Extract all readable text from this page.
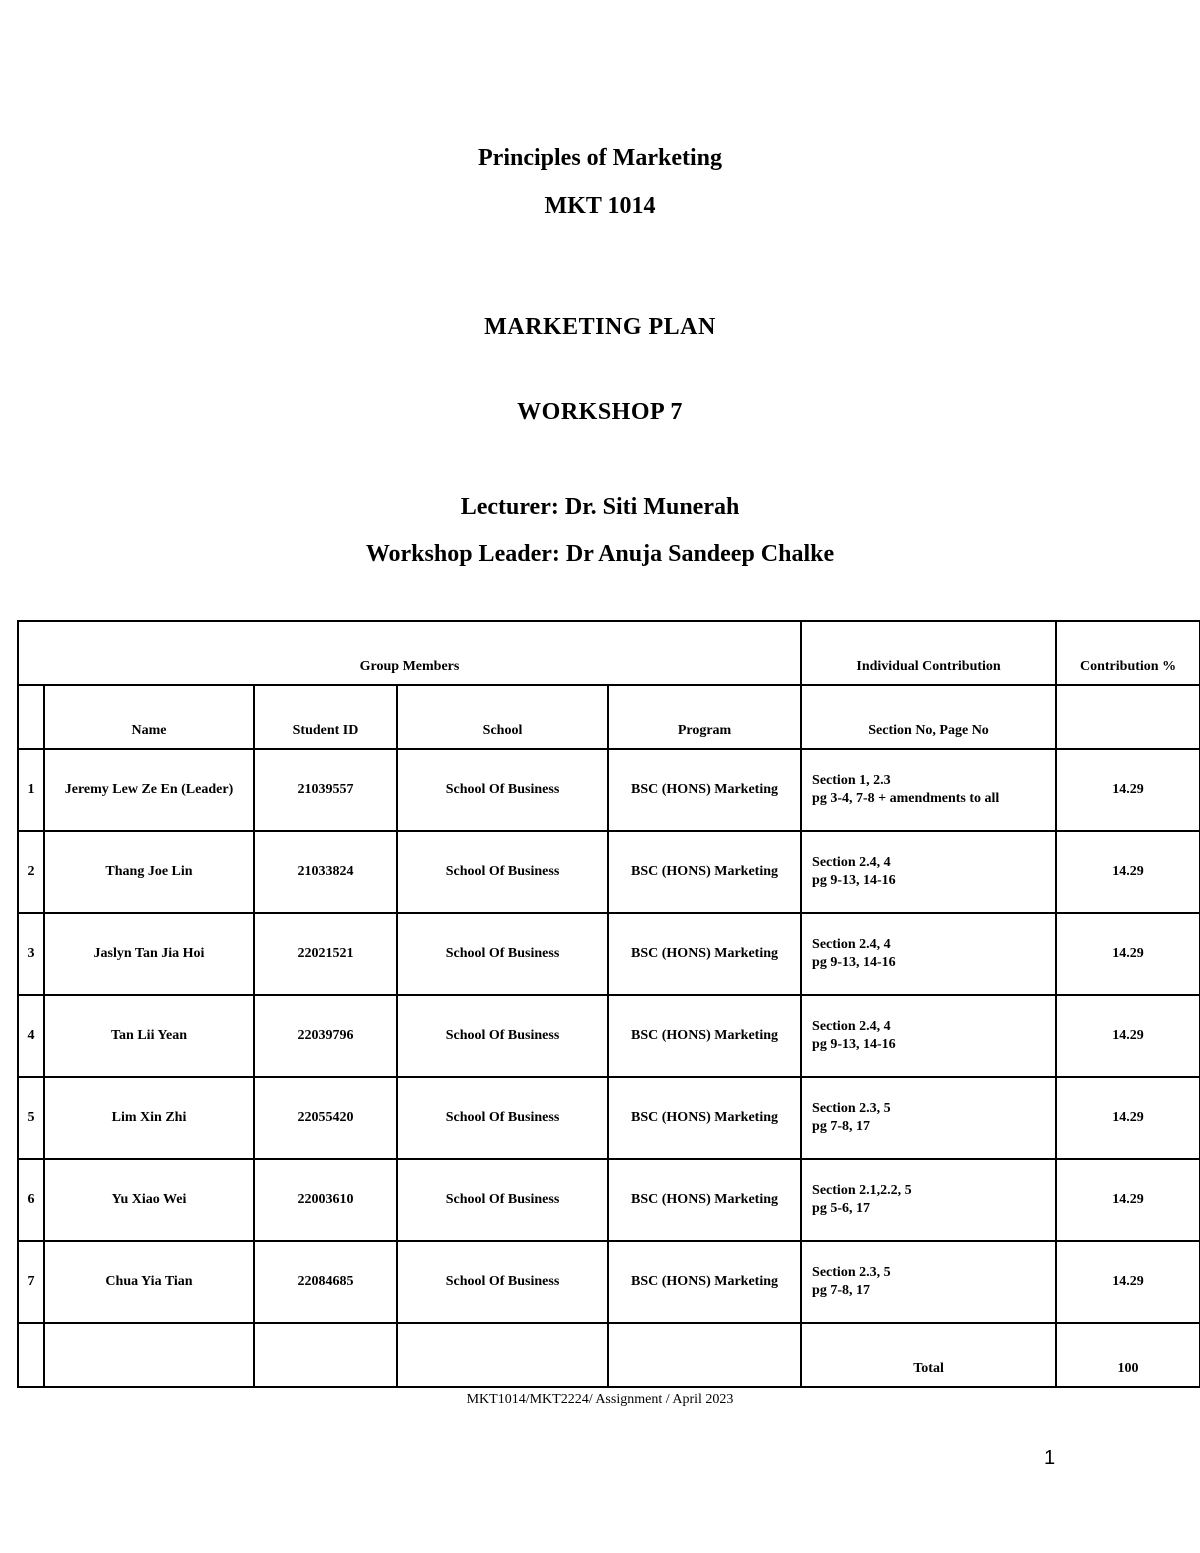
Principles of Marketing

MKT 1014

MARKETING PLAN

WORKSHOP 7

Lecturer: Dr. Siti Munerah

Workshop Leader: Dr Anuja Sandeep Chalke

Group Members					Individual Contribution	Contribution %

	Name	Student ID	School	Program	Section No, Page No	

1	Jeremy Lew Ze En (Leader)	21039557	School Of Business	BSC (HONS) Marketing	Section 1, 2.3
pg 3-4, 7-8 + amendments to all	14.29
2	Thang Joe Lin	21033824	School Of Business	BSC (HONS) Marketing	Section 2.4, 4
pg 9-13, 14-16	14.29
3	Jaslyn Tan Jia Hoi	22021521	School Of Business	BSC (HONS) Marketing	Section 2.4, 4
pg 9-13, 14-16	14.29
4	Tan Lii Yean	22039796	School Of Business	BSC (HONS) Marketing	Section 2.4, 4
pg 9-13, 14-16	14.29
5	Lim Xin Zhi	22055420	School Of Business	BSC (HONS) Marketing	Section 2.3, 5
pg 7-8, 17	14.29
6	Yu Xiao Wei	22003610	School Of Business	BSC (HONS) Marketing	Section 2.1,2.2, 5
pg 5-6, 17	14.29
7	Chua Yia Tian	22084685	School Of Business	BSC (HONS) Marketing	Section 2.3, 5
pg 7-8, 17	14.29

					Total	100
MKT1014/MKT2224/ Assignment / April 2023
1
